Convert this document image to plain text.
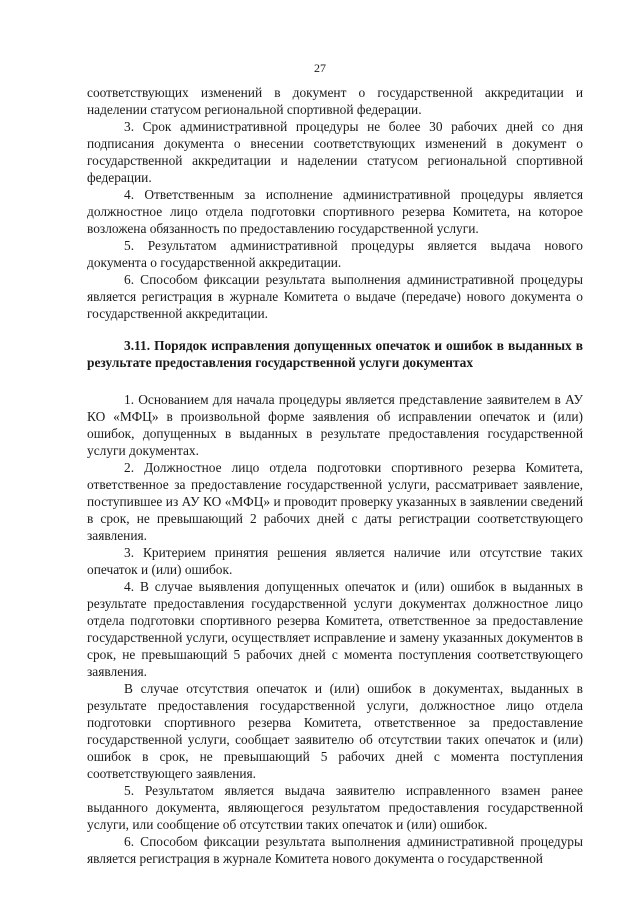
27

соответствующих изменений в документ о государственной аккредитации и наделении статусом региональной спортивной федерации.

3. Срок административной процедуры не более 30 рабочих дней со дня подписания документа о внесении соответствующих изменений в документ о государственной аккредитации и наделении статусом региональной спортивной федерации.

4. Ответственным за исполнение административной процедуры является должностное лицо отдела подготовки спортивного резерва Комитета, на которое возложена обязанность по предоставлению государственной услуги.

5. Результатом административной процедуры является выдача нового документа о государственной аккредитации.

6. Способом фиксации результата выполнения административной процедуры является регистрация в журнале Комитета о выдаче (передаче) нового документа о государственной аккредитации.

3.11. Порядок исправления допущенных опечаток и ошибок в выданных в результате предоставления государственной услуги документах

1. Основанием для начала процедуры является представление заявителем в АУ КО «МФЦ» в произвольной форме заявления об исправлении опечаток и (или) ошибок, допущенных в выданных в результате предоставления государственной услуги документах.

2. Должностное лицо отдела подготовки спортивного резерва Комитета, ответственное за предоставление государственной услуги, рассматривает заявление, поступившее из АУ КО «МФЦ» и проводит проверку указанных в заявлении сведений в срок, не превышающий 2 рабочих дней с даты регистрации соответствующего заявления.

3. Критерием принятия решения является наличие или отсутствие таких опечаток и (или) ошибок.

4. В случае выявления допущенных опечаток и (или) ошибок в выданных в результате предоставления государственной услуги документах должностное лицо отдела подготовки спортивного резерва Комитета, ответственное за предоставление государственной услуги, осуществляет исправление и замену указанных документов в срок, не превышающий 5 рабочих дней с момента поступления соответствующего заявления.

В случае отсутствия опечаток и (или) ошибок в документах, выданных в результате предоставления государственной услуги, должностное лицо отдела подготовки спортивного резерва Комитета, ответственное за предоставление государственной услуги, сообщает заявителю об отсутствии таких опечаток и (или) ошибок в срок, не превышающий 5 рабочих дней с момента поступления соответствующего заявления.

5. Результатом является выдача заявителю исправленного взамен ранее выданного документа, являющегося результатом предоставления государственной услуги, или сообщение об отсутствии таких опечаток и (или) ошибок.

6. Способом фиксации результата выполнения административной процедуры является регистрация в журнале Комитета нового документа о государственной
